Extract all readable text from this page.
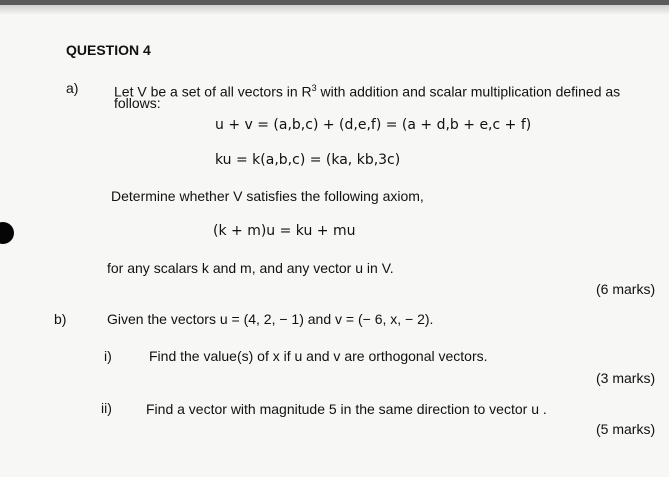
QUESTION 4
a)	Let V be a set of all vectors in $R^3$ with addition and scalar multiplication defined as
follows:
u + v = (a,b,c) + (d,e,f) = (a + d,b + e,c + f)
ku = k(a,b,c) = (ka, kb,3c)
Determine whether V satisfies the following axiom,
(k + m)u = ku + mu
for any scalars k and m, and any vector u in V.
(6 marks)
b)	Given the vectors u = (4, 2, − 1) and v = (− 6, x, − 2).
i)	Find the value(s) of x if u and v are orthogonal vectors.
(3 marks)
ii) Find a vector with magnitude 5 in the same direction to vector u .
(5 marks)
